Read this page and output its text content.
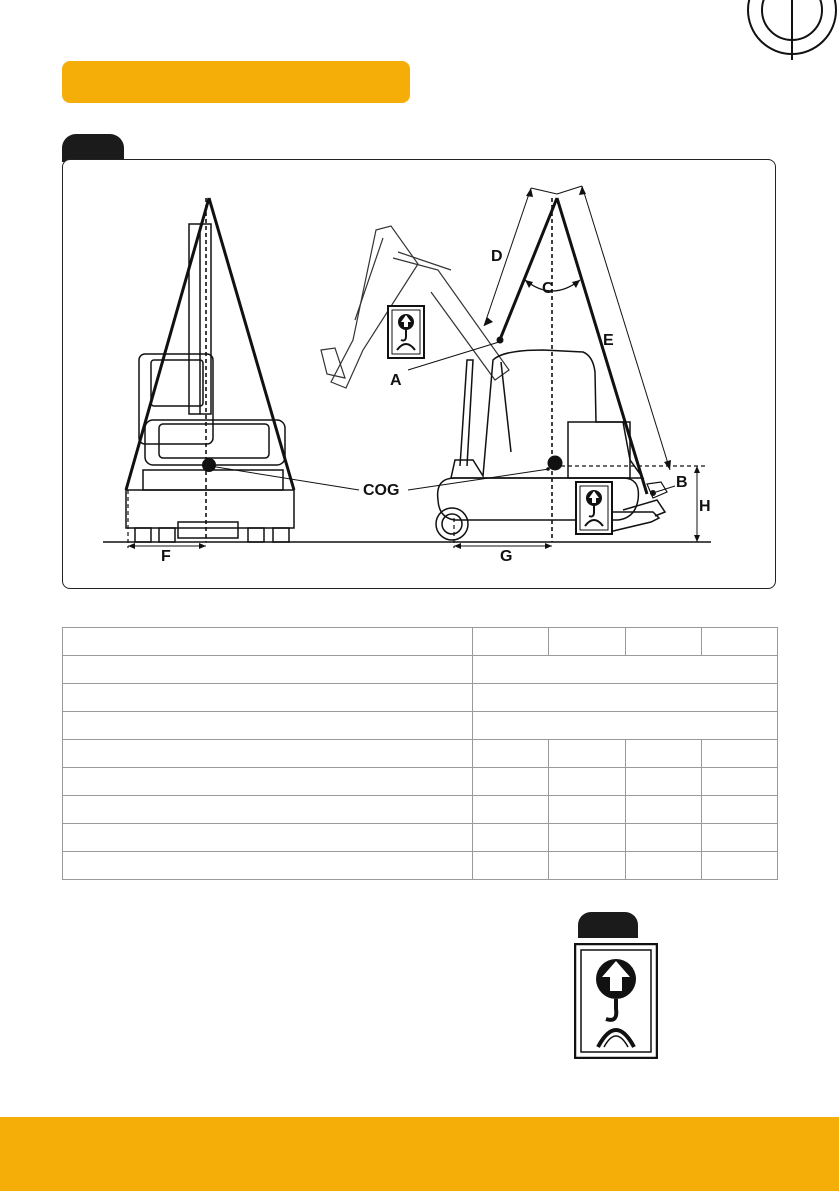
A
B
C
D
E
F	G
H
COG
